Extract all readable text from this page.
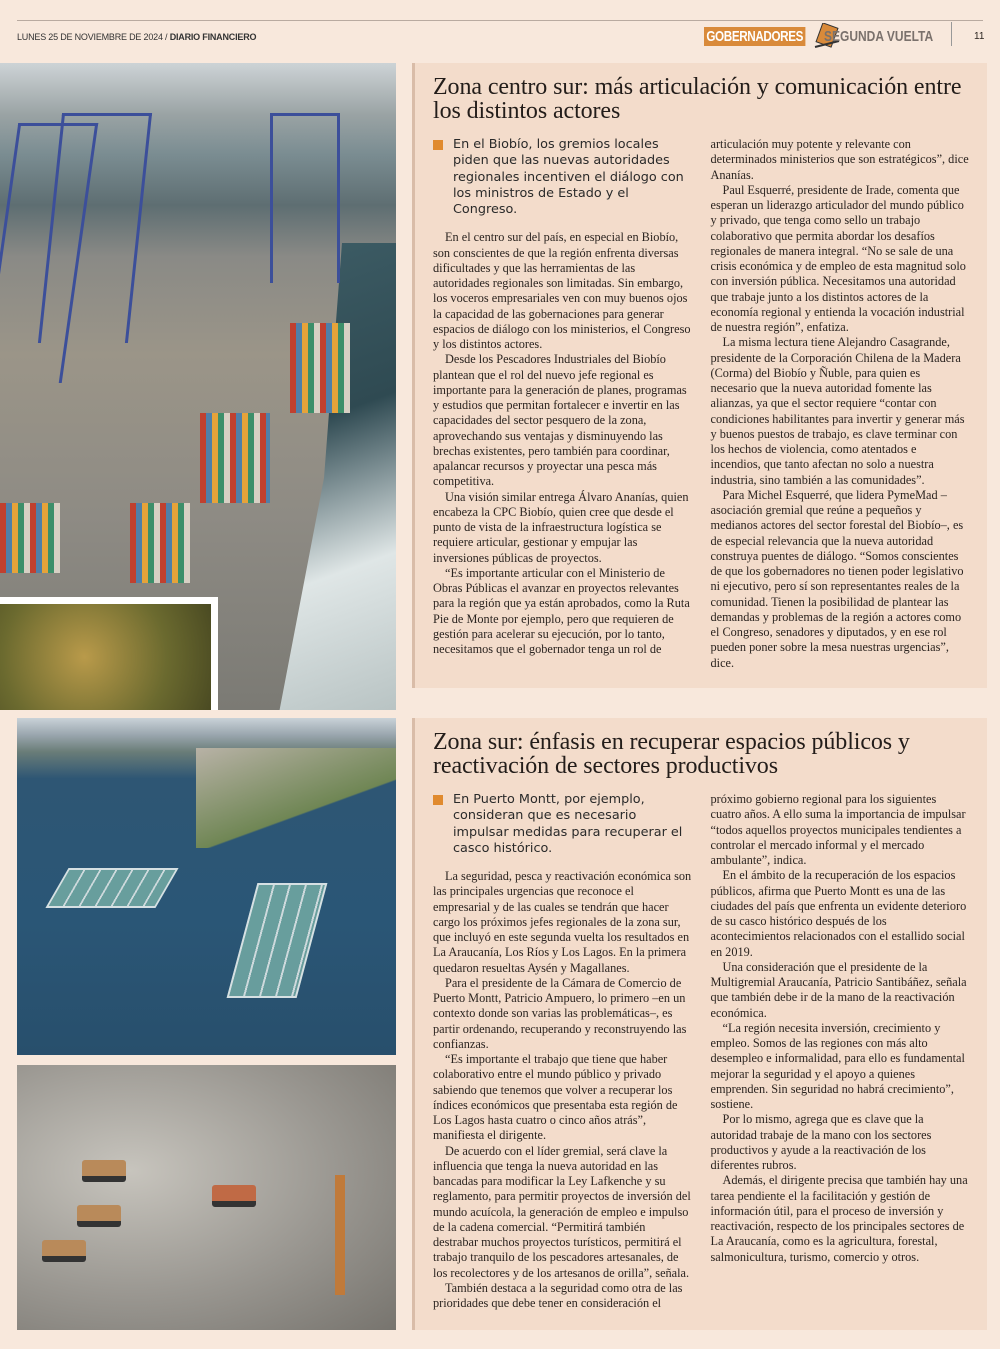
LUNES 25 DE NOVIEMBRE DE 2024 / DIARIO FINANCIERO	GOBERNADORES SEGUNDA VUELTA	11
Zona centro sur: más articulación y comunicación entre los distintos actores
En el Biobío, los gremios locales piden que las nuevas autoridades regionales incentiven el diálogo con los ministros de Estado y el Congreso.

En el centro sur del país, en especial en Biobío, son conscientes de que la región enfrenta diversas dificultades y que las herramientas de las autoridades regionales son limitadas. Sin embargo, los voceros empresariales ven con muy buenos ojos la capacidad de las gobernaciones para generar espacios de diálogo con los ministerios, el Congreso y los distintos actores.

Desde los Pescadores Industriales del Biobío plantean que el rol del nuevo jefe regional es importante para la generación de planes, programas y estudios que permitan fortalecer e invertir en las capacidades del sector pesquero de la zona, aprovechando sus ventajas y disminuyendo las brechas existentes, pero también para coordinar, apalancar recursos y proyectar una pesca más competitiva.

Una visión similar entrega Álvaro Ananías, quien encabeza la CPC Biobío, quien cree que desde el punto de vista de la infraestructura logística se requiere articular, gestionar y empujar las inversiones públicas de proyectos.

“Es importante articular con el Ministerio de Obras Públicas el avanzar en proyectos relevantes para la región que ya están aprobados, como la Ruta Pie de Monte por ejemplo, pero que requieren de gestión para acelerar su ejecución, por lo tanto, necesitamos que el gobernador tenga un rol de articulación muy potente y relevante con determinados ministerios que son estratégicos”, dice Ananías.

Paul Esquerré, presidente de Irade, comenta que esperan un liderazgo articulador del mundo público y privado, que tenga como sello un trabajo colaborativo que permita abordar los desafíos regionales de manera integral. “No se sale de una crisis económica y de empleo de esta magnitud solo con inversión pública. Necesitamos una autoridad que trabaje junto a los distintos actores de la economía regional y entienda la vocación industrial de nuestra región”, enfatiza.

La misma lectura tiene Alejandro Casagrande, presidente de la Corporación Chilena de la Madera (Corma) del Biobío y Ñuble, para quien es necesario que la nueva autoridad fomente las alianzas, ya que el sector requiere “contar con condiciones habilitantes para invertir y generar más y buenos puestos de trabajo, es clave terminar con los hechos de violencia, como atentados e incendios, que tanto afectan no solo a nuestra industria, sino también a las comunidades”.

Para Michel Esquerré, que lidera PymeMad –asociación gremial que reúne a pequeños y medianos actores del sector forestal del Biobío–, es de especial relevancia que la nueva autoridad construya puentes de diálogo. “Somos conscientes de que los gobernadores no tienen poder legislativo ni ejecutivo, pero sí son representantes reales de la comunidad. Tienen la posibilidad de plantear las demandas y problemas de la región a actores como el Congreso, senadores y diputados, y en ese rol pueden poner sobre la mesa nuestras urgencias”, dice.

Zona sur: énfasis en recuperar espacios públicos y reactivación de sectores productivos
En Puerto Montt, por ejemplo, consideran que es necesario impulsar medidas para recuperar el casco histórico.

La seguridad, pesca y reactivación económica son las principales urgencias que reconoce el empresarial y de las cuales se tendrán que hacer cargo los próximos jefes regionales de la zona sur, que incluyó en este segunda vuelta los resultados en La Araucanía, Los Ríos y Los Lagos. En la primera quedaron resueltas Aysén y Magallanes.

Para el presidente de la Cámara de Comercio de Puerto Montt, Patricio Ampuero, lo primero –en un contexto donde son varias las problemáticas–, es partir ordenando, recuperando y reconstruyendo las confianzas.

“Es importante el trabajo que tiene que haber colaborativo entre el mundo público y privado sabiendo que tenemos que volver a recuperar los índices económicos que presentaba esta región de Los Lagos hasta cuatro o cinco años atrás”, manifiesta el dirigente.

De acuerdo con el líder gremial, será clave la influencia que tenga la nueva autoridad en las bancadas para modificar la Ley Lafkenche y su reglamento, para permitir proyectos de inversión del mundo acuícola, la generación de empleo e impulso de la cadena comercial. “Permitirá también destrabar muchos proyectos turísticos, permitirá el trabajo tranquilo de los pescadores artesanales, de los recolectores y de los artesanos de orilla”, señala.

También destaca a la seguridad como otra de las prioridades que debe tener en consideración el próximo gobierno regional para los siguientes cuatro años. A ello suma la importancia de impulsar “todos aquellos proyectos municipales tendientes a controlar el mercado informal y el mercado ambulante”, indica.

En el ámbito de la recuperación de los espacios públicos, afirma que Puerto Montt es una de las ciudades del país que enfrenta un evidente deterioro de su casco histórico después de los acontecimientos relacionados con el estallido social en 2019.

Una consideración que el presidente de la Multigremial Araucanía, Patricio Santibáñez, señala que también debe ir de la mano de la reactivación económica.

“La región necesita inversión, crecimiento y empleo. Somos de las regiones con más alto desempleo e informalidad, para ello es fundamental mejorar la seguridad y el apoyo a quienes emprenden. Sin seguridad no habrá crecimiento”, sostiene.

Por lo mismo, agrega que es clave que la autoridad trabaje de la mano con los sectores productivos y ayude a la reactivación de los diferentes rubros.

Además, el dirigente precisa que también hay una tarea pendiente el la facilitación y gestión de información útil, para el proceso de inversión y reactivación, respecto de los principales sectores de La Araucanía, como es la agricultura, forestal, salmonicultura, turismo, comercio y otros.
